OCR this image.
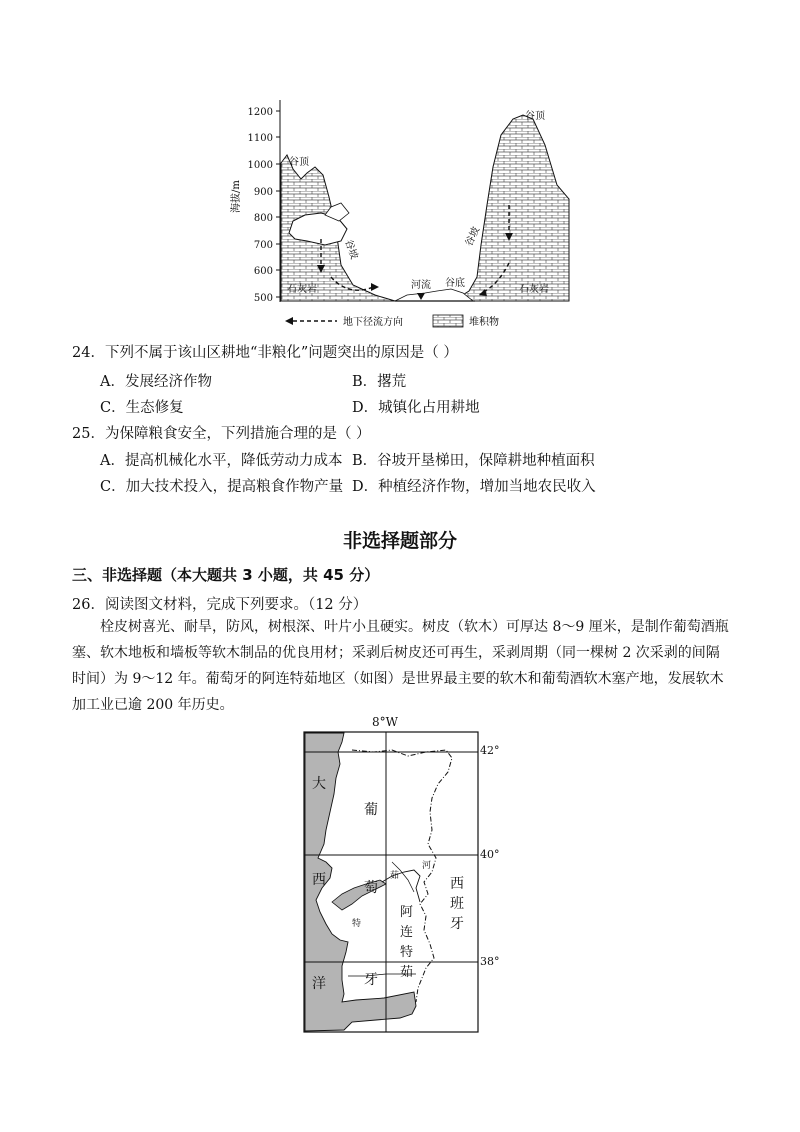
1200
1100
1000
900
800
700
600
500
海拔/m
谷顶
谷顶
谷坡
谷坡
河流 谷底
石灰岩	石灰岩
地下径流方向	堆积物
24．下列不属于该山区耕地“非粮化”问题突出的原因是（ ）
A．发展经济作物	B．撂荒
C．生态修复	D．城镇化占用耕地
25．为保障粮食安全，下列措施合理的是（ ）
A．提高机械化水平，降低劳动力成本 B．谷坡开垦梯田，保障耕地种植面积
C．加大技术投入，提高粮食作物产量 D．种植经济作物，增加当地农民收入
非选择题部分
三、非选择题（本大题共 3 小题，共 45 分）
26．阅读图文材料，完成下列要求。（12 分）
栓皮树喜光、耐旱，防风，树根深、叶片小且硬实。树皮（软木）可厚达 8～9 厘米，是制作葡萄酒瓶
塞、软木地板和墙板等软木制品的优良用材；采剥后树皮还可再生，采剥周期（同一棵树 2 次采剥的间隔
时间）为 9～12 年。葡萄牙的阿连特茹地区（如图）是世界最主要的软木和葡萄酒软木塞产地，发展软木
加工业已逾 200 年历史。
8°W
42°
40°
38°
大
西
洋
葡
萄
牙
西
班
牙
阿
连
特
茹
茹
河
特
